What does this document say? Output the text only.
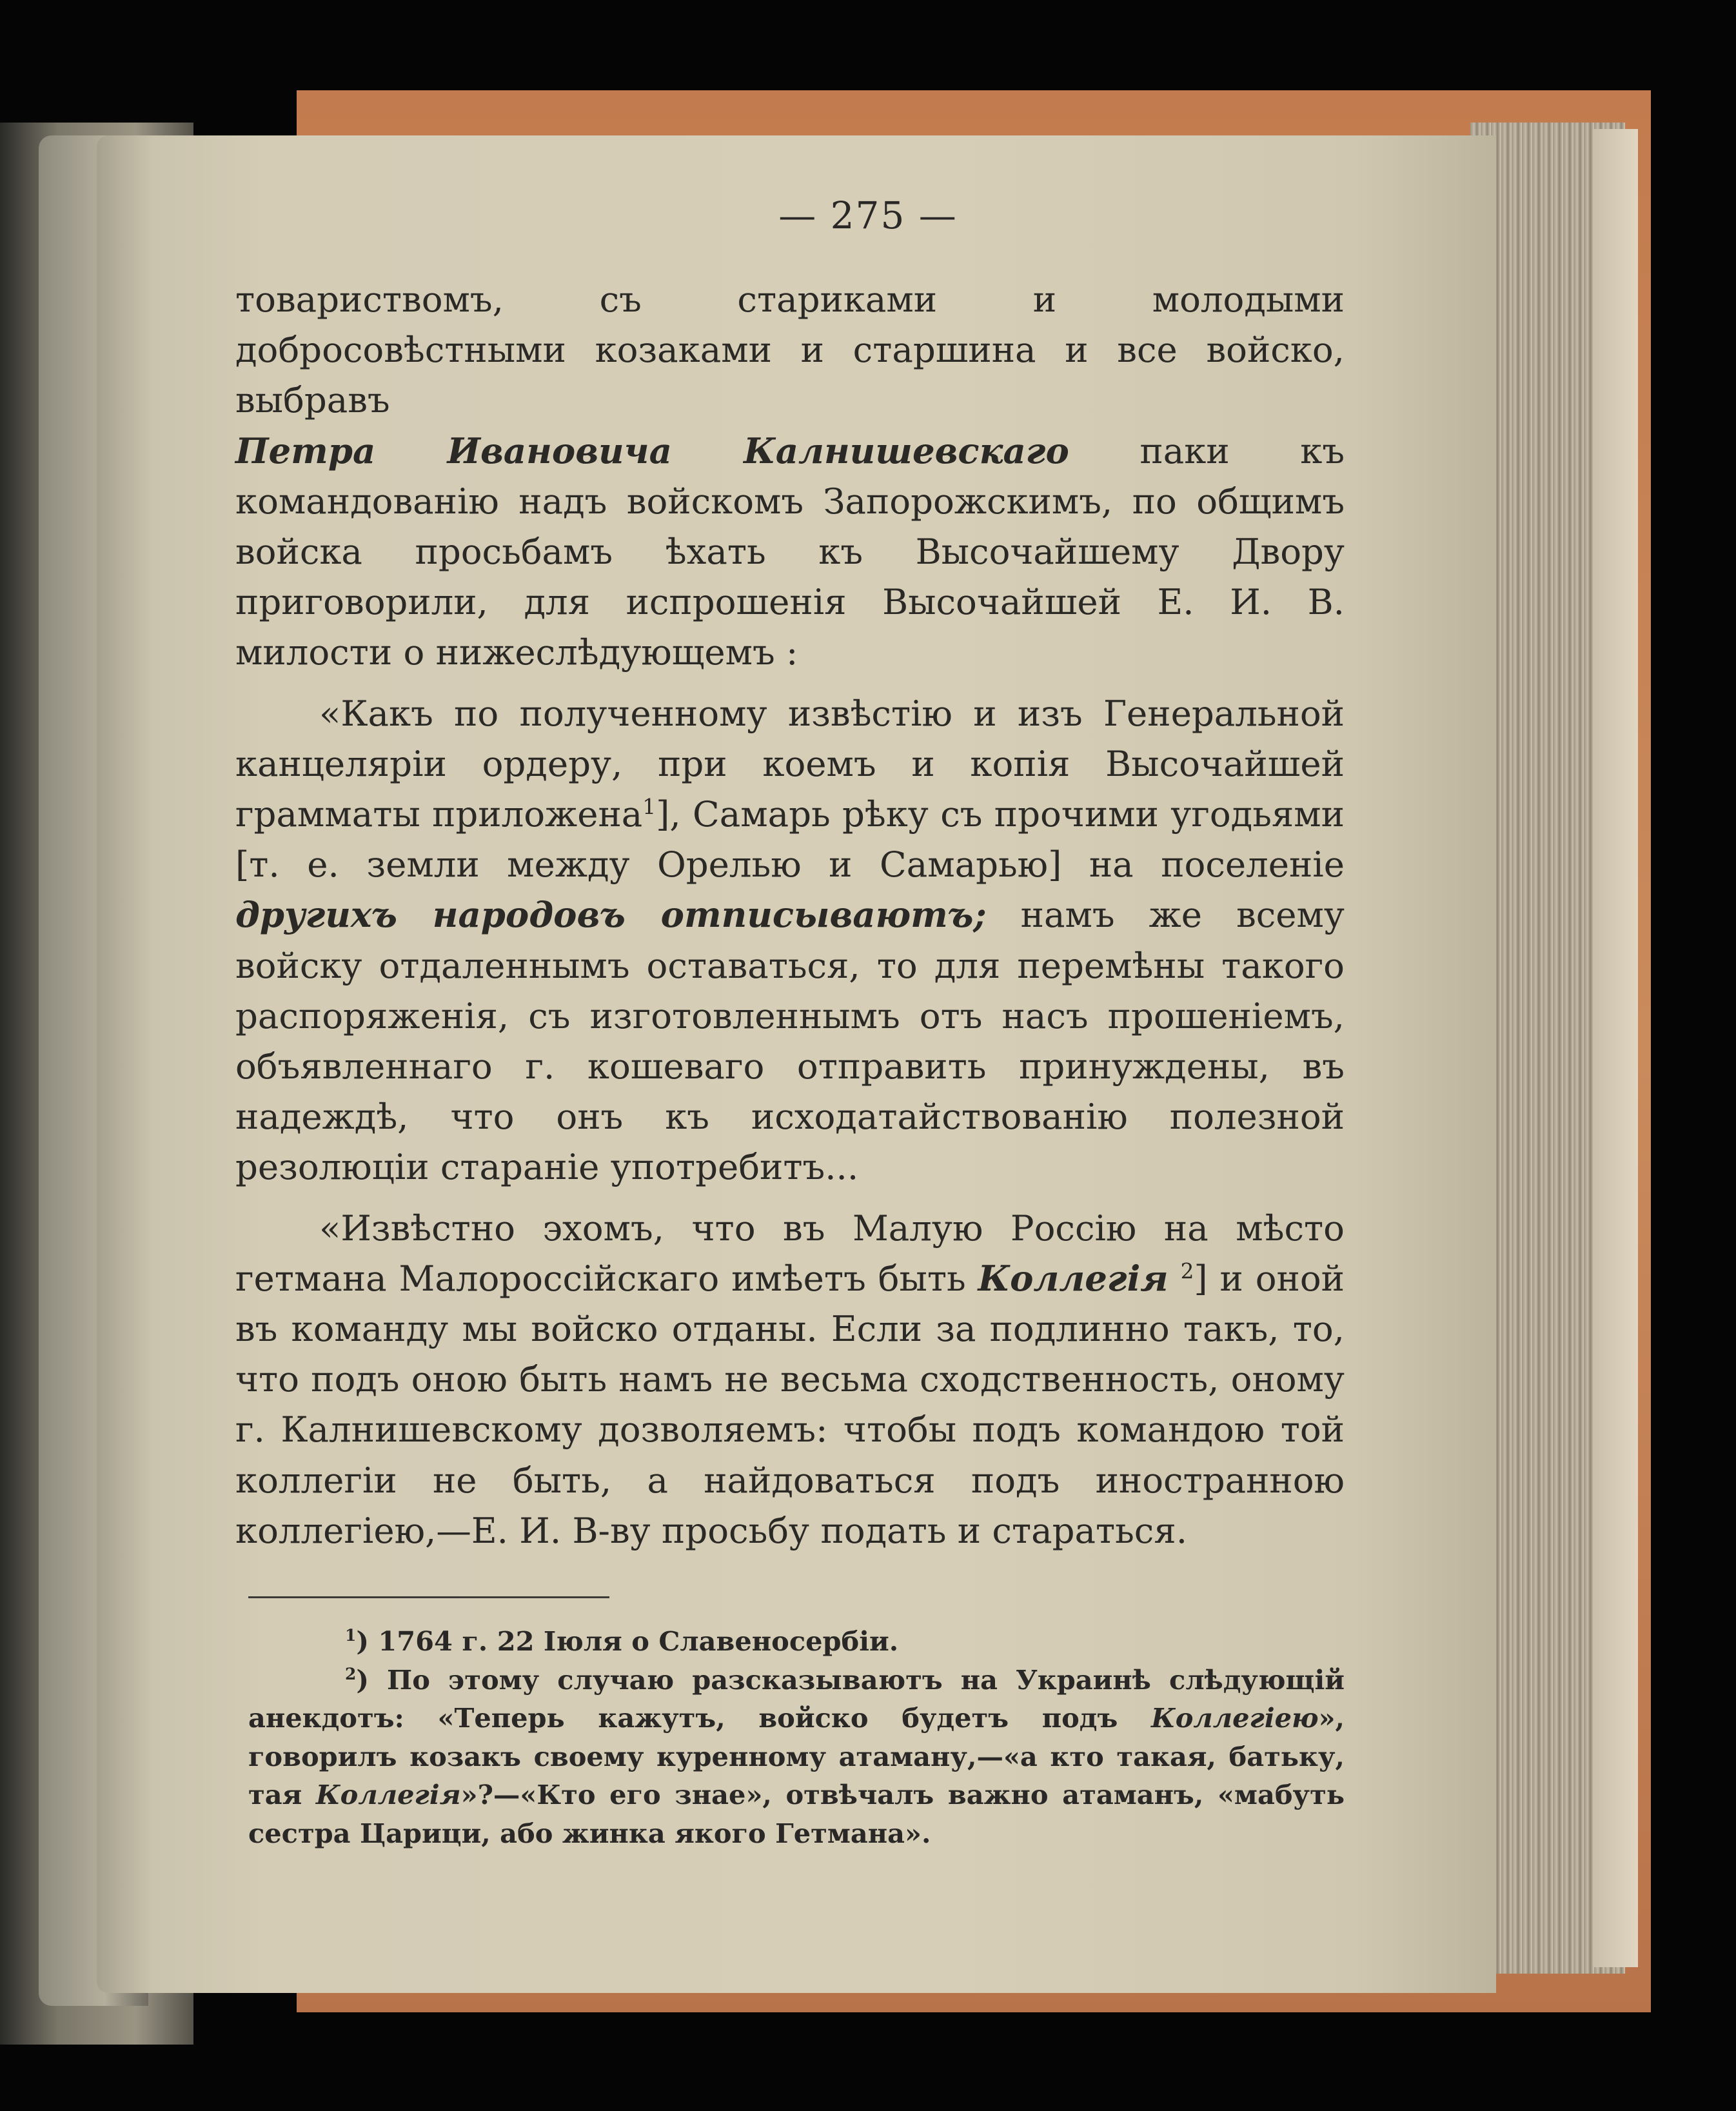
— 275 —

товариствомъ, съ стариками и молодыми добросовѣстными козаками и старшина и все войско, выбравъ
Петра Ивановича Калнишевскаго паки къ командованію надъ войскомъ Запорожскимъ, по общимъ войска просьбамъ ѣхать къ Высочайшему Двору приговорили, для испрошенія Высочайшей Е. И. В. милости о нижеслѣдующемъ :

«Какъ по полученному извѣстію и изъ Генеральной канцеляріи ордеру, при коемъ и копія Высочайшей грамматы приложена$^1$], Самарь рѣку съ прочими угодьями [т. е. земли между Орелью и Самарью] на поселеніе другихъ народовъ отписываютъ; намъ же всему войску отдаленнымъ оставаться, то для перемѣны такого распоряженія, съ изготовленнымъ отъ насъ прошеніемъ, объявленнаго г. кошеваго отправить принуждены, въ надеждѣ, что онъ къ исходатайствованію полезной резолюціи стараніе употребитъ...

«Извѣстно эхомъ, что въ Малую Россію на мѣсто гетмана Малороссійскаго имѣетъ быть Коллегія $^2$] и оной въ команду мы войско отданы. Если за подлинно такъ, то, что подъ оною быть намъ не весьма сходственность, оному г. Калнишевскому дозволяемъ: чтобы подъ командою той коллегіи не быть, а найдоваться подъ иностранною коллегіею,—Е. И. В-ву просьбу подать и стараться.

$^1$) 1764 г. 22 Іюля о Славеносербіи.

$^2$) По этому случаю разсказываютъ на Украинѣ слѣдующій анекдотъ: «Теперь кажутъ, войско будетъ подъ Коллегіею», говорилъ козакъ своему куренному атаману,—«а кто такая, батьку, тая Коллегія»?—«Кто его знае», отвѣчалъ важно атаманъ, «мабуть сестра Царици, або жинка якого Гетмана».
